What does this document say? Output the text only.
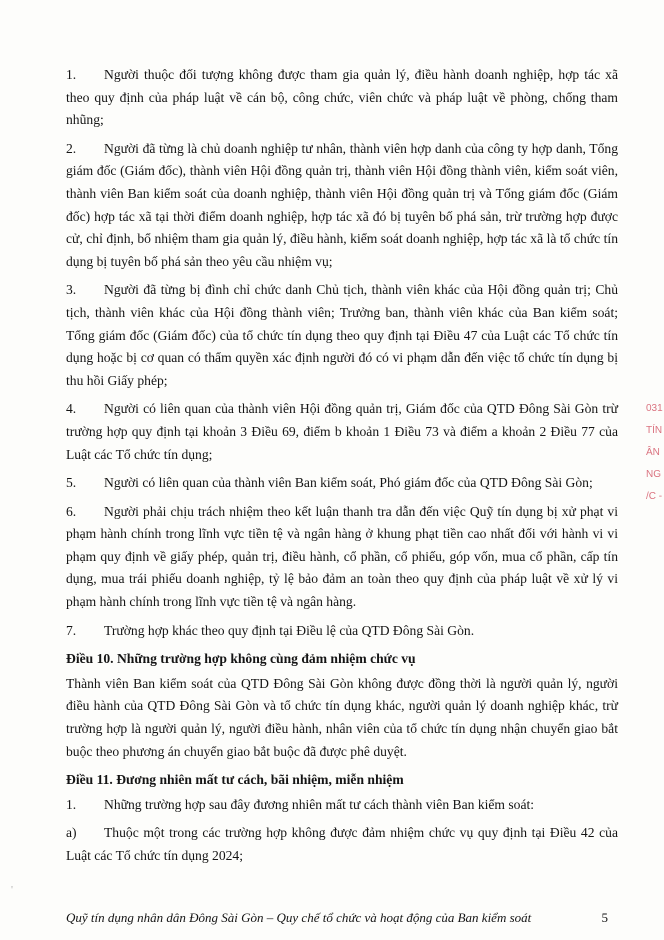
1. Người thuộc đối tượng không được tham gia quản lý, điều hành doanh nghiệp, hợp tác xã theo quy định của pháp luật về cán bộ, công chức, viên chức và pháp luật về phòng, chống tham nhũng;

2. Người đã từng là chủ doanh nghiệp tư nhân, thành viên hợp danh của công ty hợp danh, Tổng giám đốc (Giám đốc), thành viên Hội đồng quản trị, thành viên Hội đồng thành viên, kiểm soát viên, thành viên Ban kiểm soát của doanh nghiệp, thành viên Hội đồng quản trị và Tổng giám đốc (Giám đốc) hợp tác xã tại thời điểm doanh nghiệp, hợp tác xã đó bị tuyên bố phá sản, trừ trường hợp được cử, chỉ định, bổ nhiệm tham gia quản lý, điều hành, kiểm soát doanh nghiệp, hợp tác xã là tổ chức tín dụng bị tuyên bố phá sản theo yêu cầu nhiệm vụ;

3. Người đã từng bị đình chỉ chức danh Chủ tịch, thành viên khác của Hội đồng quản trị; Chủ tịch, thành viên khác của Hội đồng thành viên; Trưởng ban, thành viên khác của Ban kiểm soát; Tổng giám đốc (Giám đốc) của tổ chức tín dụng theo quy định tại Điều 47 của Luật các Tổ chức tín dụng hoặc bị cơ quan có thẩm quyền xác định người đó có vi phạm dẫn đến việc tổ chức tín dụng bị thu hồi Giấy phép;

4. Người có liên quan của thành viên Hội đồng quản trị, Giám đốc của QTD Đông Sài Gòn trừ trường hợp quy định tại khoản 3 Điều 69, điểm b khoản 1 Điều 73 và điểm a khoản 2 Điều 77 của Luật các Tổ chức tín dụng;

5. Người có liên quan của thành viên Ban kiểm soát, Phó giám đốc của QTD Đông Sài Gòn;

6. Người phải chịu trách nhiệm theo kết luận thanh tra dẫn đến việc Quỹ tín dụng bị xử phạt vi phạm hành chính trong lĩnh vực tiền tệ và ngân hàng ở khung phạt tiền cao nhất đối với hành vi vi phạm quy định về giấy phép, quản trị, điều hành, cổ phần, cổ phiếu, góp vốn, mua cổ phần, cấp tín dụng, mua trái phiếu doanh nghiệp, tỷ lệ bảo đảm an toàn theo quy định của pháp luật về xử lý vi phạm hành chính trong lĩnh vực tiền tệ và ngân hàng.

7. Trường hợp khác theo quy định tại Điều lệ của QTD Đông Sài Gòn.

Điều 10. Những trường hợp không cùng đảm nhiệm chức vụ

Thành viên Ban kiểm soát của QTD Đông Sài Gòn không được đồng thời là người quản lý, người điều hành của QTD Đông Sài Gòn và tổ chức tín dụng khác, người quản lý doanh nghiệp khác, trừ trường hợp là người quản lý, người điều hành, nhân viên của tổ chức tín dụng nhận chuyển giao bắt buộc theo phương án chuyển giao bắt buộc đã được phê duyệt.

Điều 11. Đương nhiên mất tư cách, bãi nhiệm, miễn nhiệm

1. Những trường hợp sau đây đương nhiên mất tư cách thành viên Ban kiểm soát:

a) Thuộc một trong các trường hợp không được đảm nhiệm chức vụ quy định tại Điều 42 của Luật các Tổ chức tín dụng 2024;

Quỹ tín dụng nhân dân Đông Sài Gòn – Quy chế tổ chức và hoạt động của Ban kiểm soát	5
031
TÍN
ÂN
NG
/C -
'
